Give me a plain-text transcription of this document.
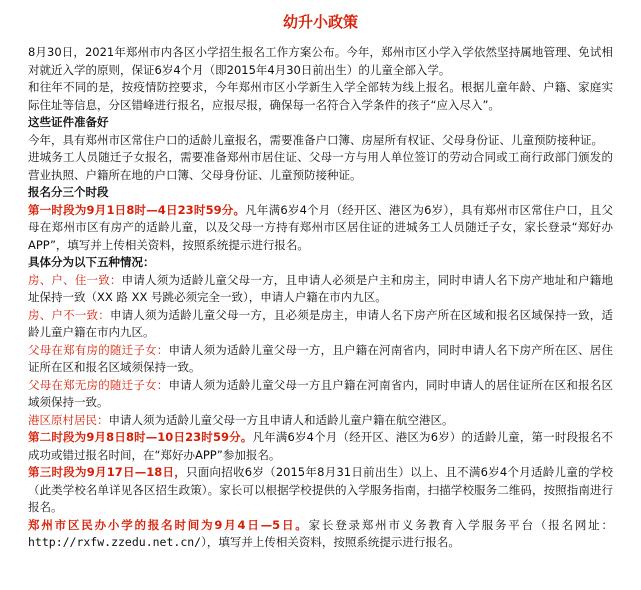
幼升小政策

8月30日，2021年郑州市内各区小学招生报名工作方案公布。今年，郑州市区小学入学依然坚持属地管理、免试相对就近入学的原则，保证6岁4个月（即2015年4月30日前出生）的儿童全部入学。

和往年不同的是，按疫情防控要求，今年郑州市区小学新生入学全部转为线上报名。根据儿童年龄、户籍、家庭实际住址等信息，分区错峰进行报名，应报尽报，确保每一名符合入学条件的孩子“应入尽入”。

这些证件准备好

今年，具有郑州市区常住户口的适龄儿童报名，需要准备户口簿、房屋所有权证、父母身份证、儿童预防接种证。

进城务工人员随迁子女报名，需要准备郑州市居住证、父母一方与用人单位签订的劳动合同或工商行政部门颁发的营业执照、户籍所在地的户口簿、父母身份证、儿童预防接种证。

报名分三个时段

第一时段为9月1日8时—4日23时59分。凡年满6岁4个月（经开区、港区为6岁），具有郑州市区常住户口，且父母在郑州市区有房产的适龄儿童，以及父母一方持有郑州市区居住证的进城务工人员随迁子女，家长登录“郑好办APP”，填写并上传相关资料，按照系统提示进行报名。

具体分为以下五种情况：

房、户、住一致：申请人须为适龄儿童父母一方，且申请人必须是户主和房主，同时申请人名下房产地址和户籍地址保持一致（XX 路 XX 号跳必须完全一致），申请人户籍在市内九区。

房、户不一致：申请人须为适龄儿童父母一方，且必须是房主，申请人名下房产所在区域和报名区域保持一致，适龄儿童户籍在市内九区。

父母在郑有房的随迁子女：申请人须为适龄儿童父母一方，且户籍在河南省内，同时申请人名下房产所在区、居住证所在区和报名区域须保持一致。

父母在郑无房的随迁子女：申请人须为适龄儿童父母一方且户籍在河南省内，同时申请人的居住证所在区和报名区域须保持一致。

港区原村居民：申请人须为适龄儿童父母一方且申请人和适龄儿童户籍在航空港区。

第二时段为9月8日8时—10日23时59分。凡年满6岁4个月（经开区、港区为6岁）的适龄儿童，第一时段报名不成功或错过报名时间，在“郑好办APP”参加报名。

第三时段为9月17日—18日，只面向招收6岁（2015年8月31日前出生）以上、且不满6岁4个月适龄儿童的学校（此类学校名单详见各区招生政策）。家长可以根据学校提供的入学服务指南，扫描学校服务二维码，按照指南进行报名。

郑州市区民办小学的报名时间为9月4日—5日。家长登录郑州市义务教育入学服务平台（报名网址：http://rxfw.zzedu.net.cn/），填写并上传相关资料，按照系统提示进行报名。
